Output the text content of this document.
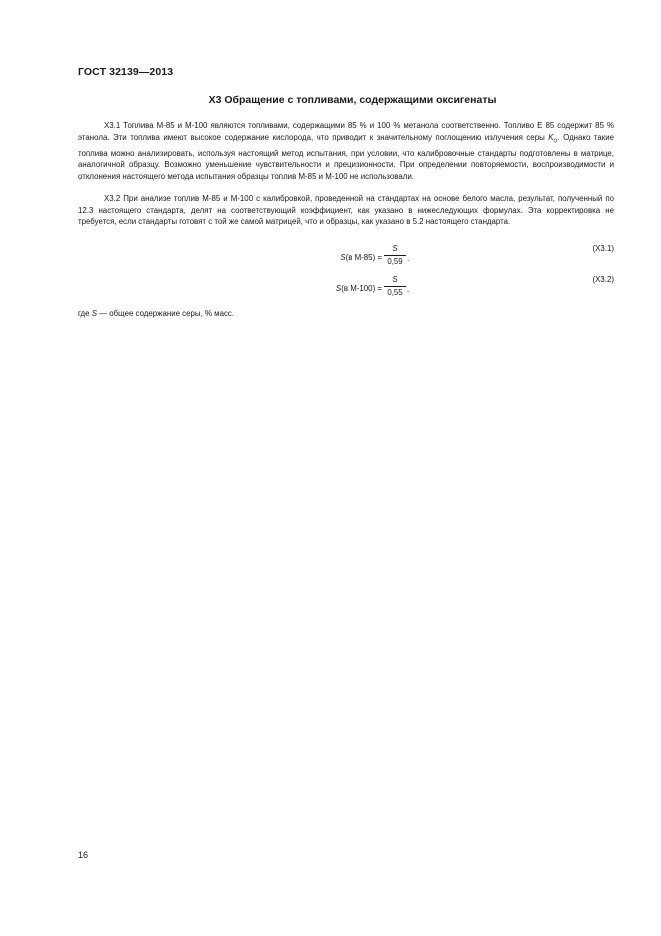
ГОСТ 32139—2013
Х3 Обращение с топливами, содержащими оксигенаты

Х3.1 Топлива М-85 и М-100 являются топливами, содержащими 85 % и 100 % метанола соответственно. Топливо Е 85 содержит 85 % этанола. Эти топлива имеют высокое содержание кислорода, что приводит к значительному поглощению излучения серы $K_O$. Однако такие топлива можно анализировать, используя настоящий метод испытания, при условии, что калибровочные стандарты подготовлены в матрице, аналогичной образцу. Возможно уменьшение чувствительности и прецизионности. При определении повторяемости, воспроизводимости и отклонения настоящего метода испытания образцы топлив М-85 и М-100 не использовали.

Х3.2 При анализе топлив М-85 и М-100 с калибровкой, проведенной на стандартах на основе белого масла, результат, полученный по 12.3 настоящего стандарта, делят на соответствующий коэффициент, как указано в нижеследующих формулах. Эта корректировка не требуется, если стандарты готовят с той же самой матрицей, что и образцы, как указано в 5.2 настоящего стандарта.

S(в $М-85) = \frac{S}{0,59}$ .
(Х3.1)
S(в $М-100) = \frac{S}{0,55}$ .
(Х3.2)
где S — общее содержание серы, % масс.
16
